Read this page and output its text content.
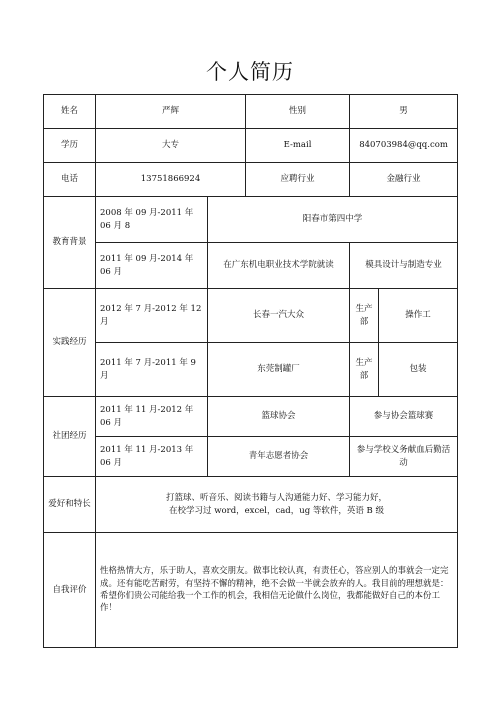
个人简历
姓名	严辉		性别	男		
学历	大专		E-mail	840703984@qq.com		
电话	13751866924		应聘行业	金融行业		
教育背景	2008 年 09 月-2011 年 06 月 8	阳春市第四中学				
	2011 年 09 月-2014 年 06 月	在广东机电职业技术学院就读		模具设计与制造专业		
实践经历	2012 年 7 月-2012 年 12 月	长春一汽大众		生产部	操作工	
	2011 年 7 月-2011 年 9 月	东莞制罐厂		生产部	包装	
社团经历	2011 年 11 月-2012 年 06 月	篮球协会		参与协会篮球赛		
	2011 年 11 月-2013 年 06 月	青年志愿者协会		参与学校义务献血后勤活动		
爱好和特长	打篮球、听音乐、阅读书籍与人沟通能力好、学习能力好，
在校学习过 word，excel，cad，ug 等软件，英语 B 级					

自我评价	性格热情大方，乐于助人，喜欢交朋友。做事比较认真，有责任心，答应别人的事就会一定完成。还有能吃苦耐劳，有坚持不懈的精神，绝不会做一半就会放弃的人。我目前的理想就是：希望你们贵公司能给我一个工作的机会，我相信无论做什么岗位，我都能做好自己的本份工作！					
